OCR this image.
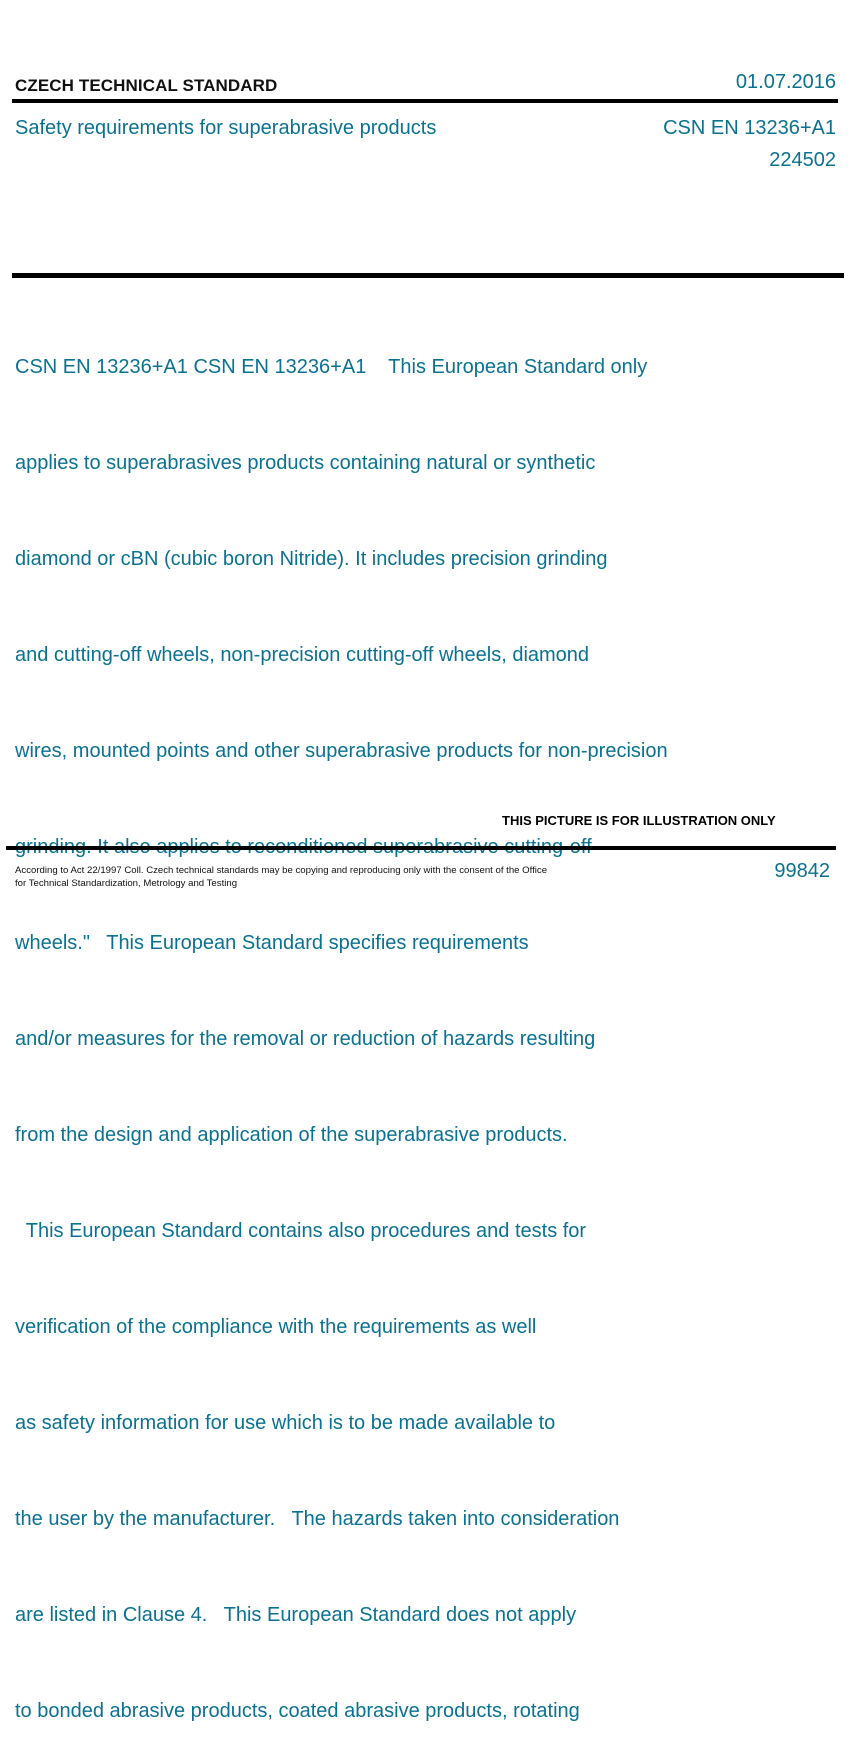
CZECH TECHNICAL STANDARD	01.07.2016
Safety requirements for superabrasive products	CSN EN 13236+A1
224502

CSN EN 13236+A1 CSN EN 13236+A1    This European Standard only

applies to superabrasives products containing natural or synthetic

diamond or cBN (cubic boron Nitride). It includes precision grinding

and cutting-off wheels, non-precision cutting-off wheels, diamond

wires, mounted points and other superabrasive products for non-precision

wheels."   This European Standard specifies requirements

and/or measures for the removal or reduction of hazards resulting

from the design and application of the superabrasive products.

This European Standard contains also procedures and tests for

verification of the compliance with the requirements as well

as safety information for use which is to be made available to

the user by the manufacturer.   The hazards taken into consideration

are listed in Clause 4.   This European Standard does not apply

to bonded abrasive products, coated abrasive products, rotating

THIS PICTURE IS FOR ILLUSTRATION ONLY
According to Act 22/1997 Coll. Czech technical standards may be copying and reproducing only with the consent of the Office
for Technical Standardization, Metrology and Testing
99842
